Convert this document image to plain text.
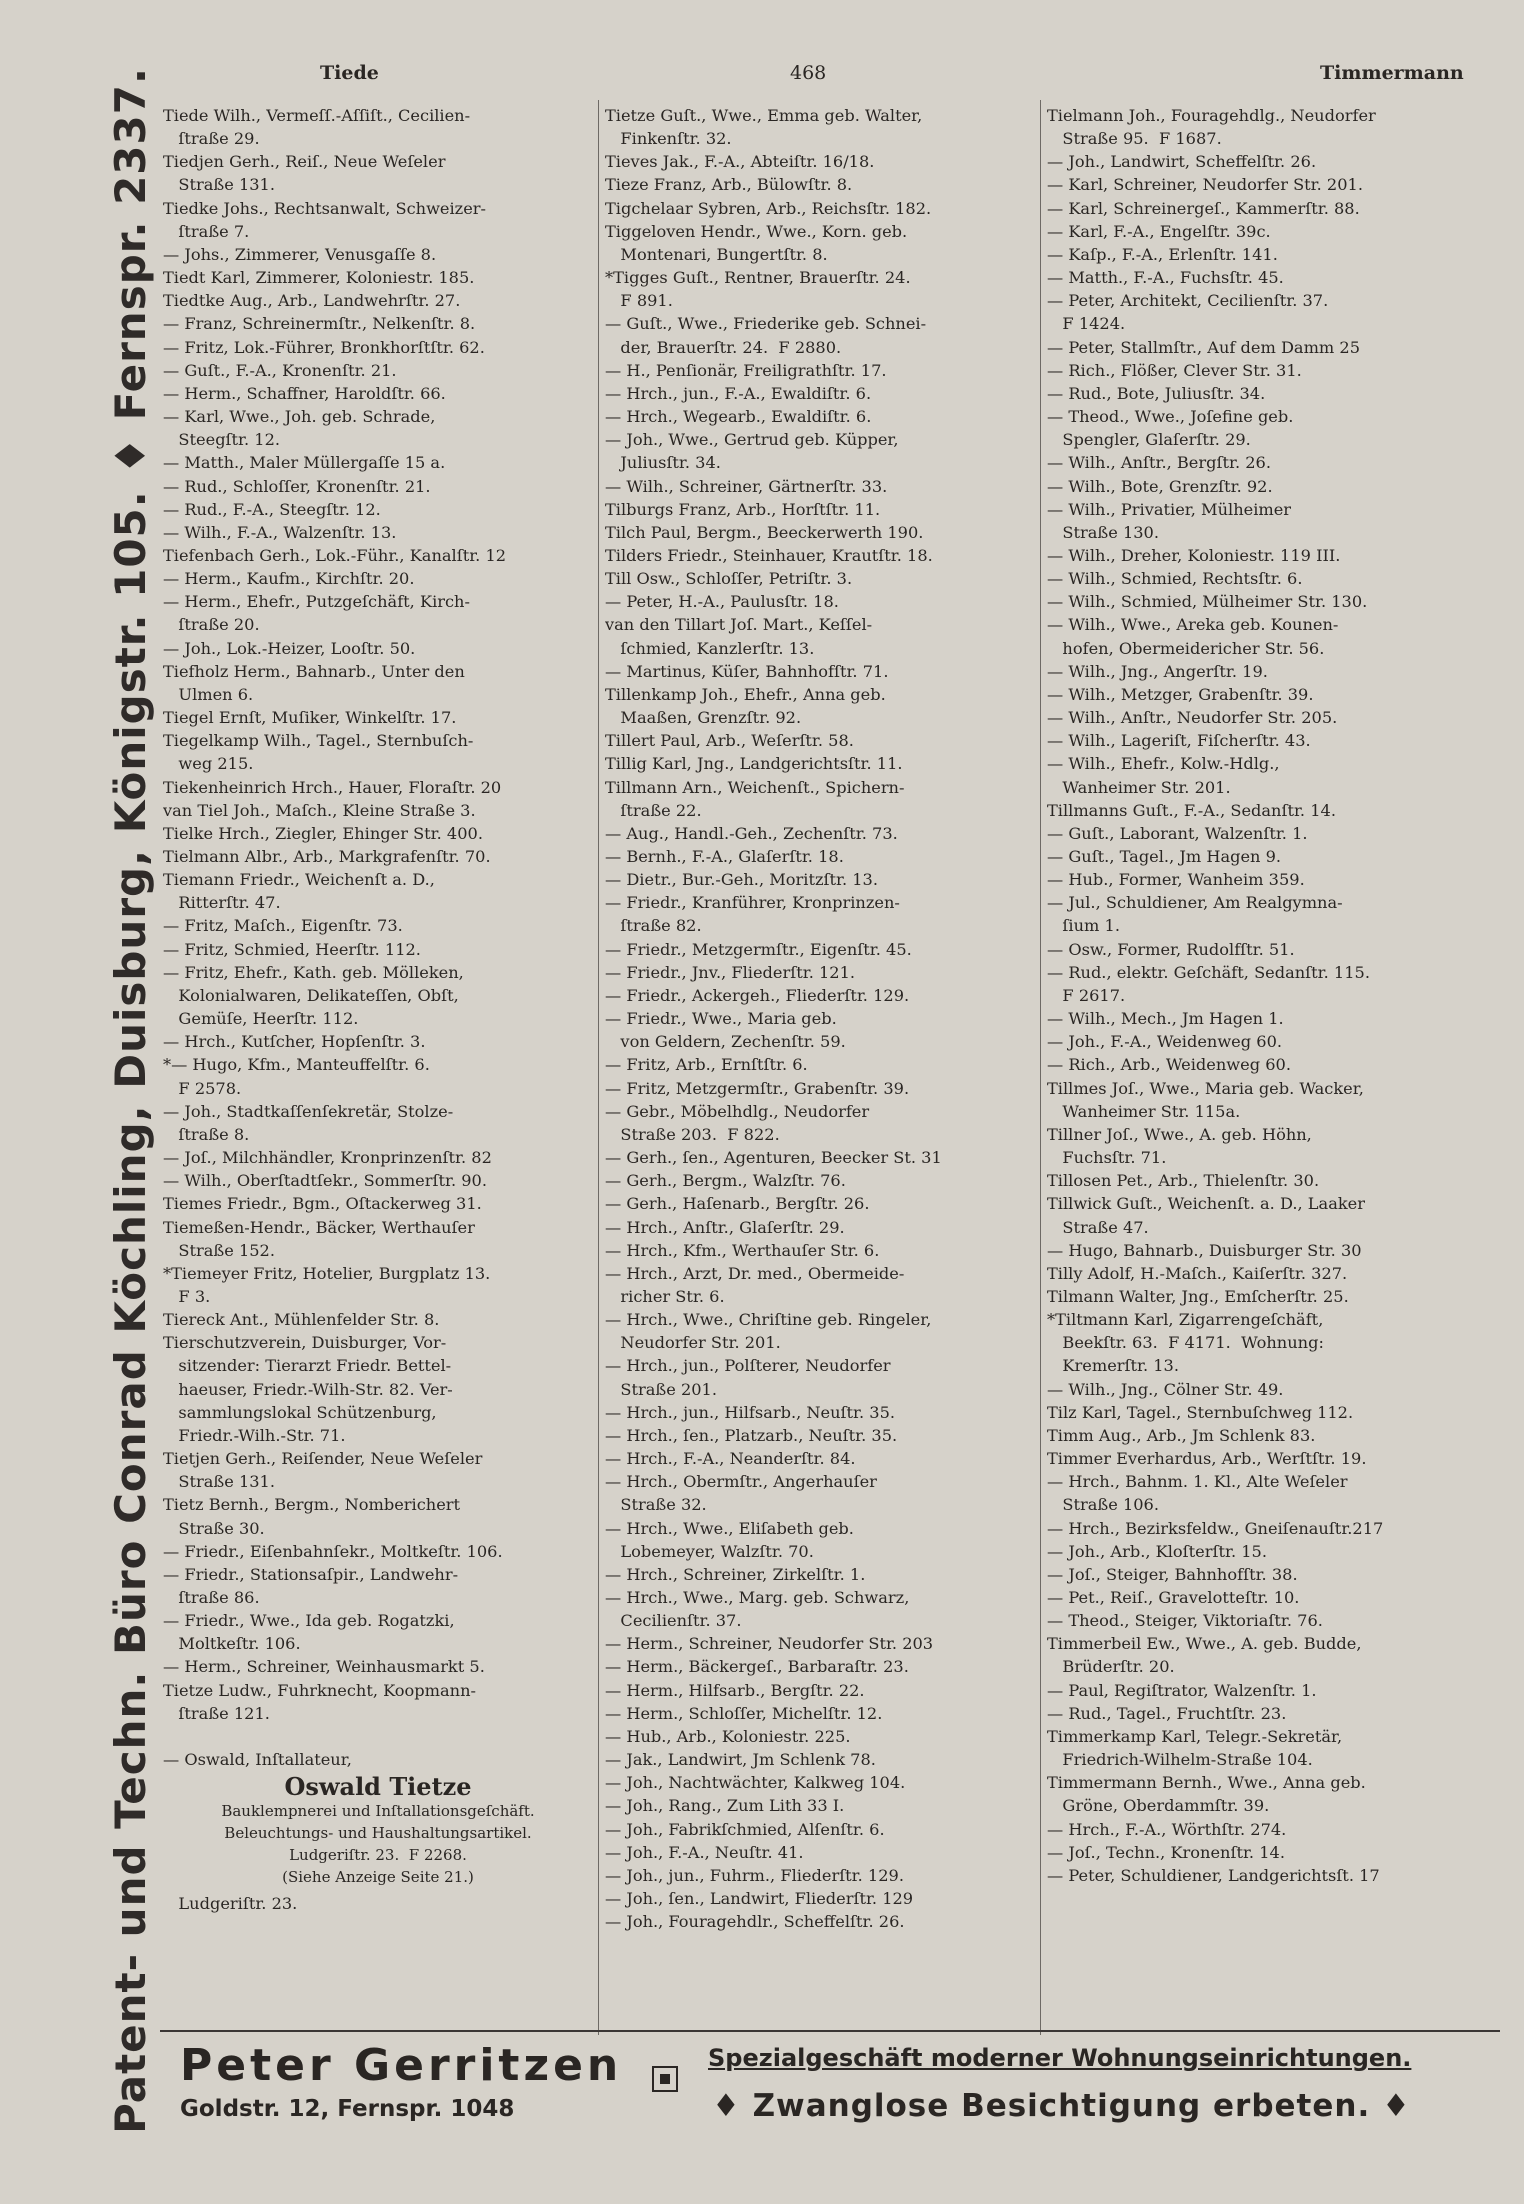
Patent- und Techn. Büro Conrad Köchling, Duisburg, Königstr. 105. ♦ Fernspr. 2337.	Tiede	468	Timmermann
Tiede Wilh., Vermeſſ.-Aſſiſt., Cecilien-
ſtraße 29.
Tiedjen Gerh., Reiſ., Neue Weſeler
Straße 131.
Tiedke Johs., Rechtsanwalt, Schweizer-
ſtraße 7.
— Johs., Zimmerer, Venusgaſſe 8.
Tiedt Karl, Zimmerer, Koloniestr. 185.
Tiedtke Aug., Arb., Landwehrſtr. 27.
— Franz, Schreinermſtr., Nelkenſtr. 8.
— Fritz, Lok.-Führer, Bronkhorſtſtr. 62.
— Guſt., F.-A., Kronenſtr. 21.
— Herm., Schaffner, Haroldſtr. 66.
— Karl, Wwe., Joh. geb. Schrade,
Steegſtr. 12.
— Matth., Maler Müllergaſſe 15 a.
— Rud., Schloſſer, Kronenſtr. 21.
— Rud., F.-A., Steegſtr. 12.
— Wilh., F.-A., Walzenſtr. 13.
Tiefenbach Gerh., Lok.-Führ., Kanalſtr. 12
— Herm., Kaufm., Kirchſtr. 20.
— Herm., Ehefr., Putzgeſchäft, Kirch-
ſtraße 20.
— Joh., Lok.-Heizer, Looſtr. 50.
Tiefholz Herm., Bahnarb., Unter den
Ulmen 6.
Tiegel Ernſt, Muſiker, Winkelſtr. 17.
Tiegelkamp Wilh., Tagel., Sternbuſch-
weg 215.
Tiekenheinrich Hrch., Hauer, Floraſtr. 20
van Tiel Joh., Maſch., Kleine Straße 3.
Tielke Hrch., Ziegler, Ehinger Str. 400.
Tielmann Albr., Arb., Markgrafenſtr. 70.
Tiemann Friedr., Weichenſt a. D.,
Ritterſtr. 47.
— Fritz, Maſch., Eigenſtr. 73.
— Fritz, Schmied, Heerſtr. 112.
— Fritz, Ehefr., Kath. geb. Mölleken,
Kolonialwaren, Delikateſſen, Obſt,
Gemüſe, Heerſtr. 112.
— Hrch., Kutſcher, Hopſenſtr. 3.
*— Hugo, Kfm., Manteuffelſtr. 6.
F 2578.
— Joh., Stadtkaſſenſekretär, Stolze-
ſtraße 8.
— Joſ., Milchhändler, Kronprinzenſtr. 82
— Wilh., Oberſtadtſekr., Sommerſtr. 90.
Tiemes Friedr., Bgm., Oſtackerweg 31.
Tiemeßen-Hendr., Bäcker, Werthauſer
Straße 152.
*Tiemeyer Fritz, Hotelier, Burgplatz 13.
F 3.
Tiereck Ant., Mühlenfelder Str. 8.
Tierschutzverein, Duisburger, Vor-
sitzender: Tierarzt Friedr. Bettel-
haeuser, Friedr.-Wilh-Str. 82. Ver-
sammlungslokal Schützenburg,
Friedr.-Wilh.-Str. 71.
Tietjen Gerh., Reiſender, Neue Weſeler
Straße 131.
Tietz Bernh., Bergm., Nomberichert
Straße 30.
— Friedr., Eiſenbahnſekr., Moltkeſtr. 106.
— Friedr., Stationsaſpir., Landwehr-
ſtraße 86.
— Friedr., Wwe., Ida geb. Rogatzki,
Moltkeſtr. 106.
— Herm., Schreiner, Weinhausmarkt 5.
Tietze Ludw., Fuhrknecht, Koopmann-
ſtraße 121.

— Oswald, Inſtallateur,
Oswald Tietze
Bauklempnerei und Inſtallationsgeſchäft.
Beleuchtungs- und Haushaltungsartikel.
Ludgeriſtr. 23.  F 2268.
(Siehe Anzeige Seite 21.)
Ludgeriſtr. 23.
Tietze Guſt., Wwe., Emma geb. Walter,
Finkenſtr. 32.
Tieves Jak., F.-A., Abteiſtr. 16/18.
Tieze Franz, Arb., Bülowſtr. 8.
Tigchelaar Sybren, Arb., Reichsſtr. 182.
Tiggeloven Hendr., Wwe., Korn. geb.
Montenari, Bungertſtr. 8.
*Tigges Guſt., Rentner, Brauerſtr. 24.
F 891.
— Guſt., Wwe., Friederike geb. Schnei-
der, Brauerſtr. 24.  F 2880.
— H., Penſionär, Freiligrathſtr. 17.
— Hrch., jun., F.-A., Ewaldiſtr. 6.
— Hrch., Wegearb., Ewaldiſtr. 6.
— Joh., Wwe., Gertrud geb. Küpper,
Juliusſtr. 34.
— Wilh., Schreiner, Gärtnerſtr. 33.
Tilburgs Franz, Arb., Horſtſtr. 11.
Tilch Paul, Bergm., Beeckerwerth 190.
Tilders Friedr., Steinhauer, Krautſtr. 18.
Till Osw., Schloſſer, Petriſtr. 3.
— Peter, H.-A., Paulusſtr. 18.
van den Tillart Joſ. Mart., Keſſel-
ſchmied, Kanzlerſtr. 13.
— Martinus, Küſer, Bahnhofſtr. 71.
Tillenkamp Joh., Ehefr., Anna geb.
Maaßen, Grenzſtr. 92.
Tillert Paul, Arb., Weſerſtr. 58.
Tillig Karl, Jng., Landgerichtsſtr. 11.
Tillmann Arn., Weichenſt., Spichern-
ſtraße 22.
— Aug., Handl.-Geh., Zechenſtr. 73.
— Bernh., F.-A., Glaſerſtr. 18.
— Dietr., Bur.-Geh., Moritzſtr. 13.
— Friedr., Kranführer, Kronprinzen-
ſtraße 82.
— Friedr., Metzgermſtr., Eigenſtr. 45.
— Friedr., Jnv., Fliederſtr. 121.
— Friedr., Ackergeh., Fliederſtr. 129.
— Friedr., Wwe., Maria geb.
von Geldern, Zechenſtr. 59.
— Fritz, Arb., Ernſtſtr. 6.
— Fritz, Metzgermſtr., Grabenſtr. 39.
— Gebr., Möbelhdlg., Neudorfer
Straße 203.  F 822.
— Gerh., ſen., Agenturen, Beecker St. 31
— Gerh., Bergm., Walzſtr. 76.
— Gerh., Haſenarb., Bergſtr. 26.
— Hrch., Anſtr., Glaſerſtr. 29.
— Hrch., Kfm., Werthauſer Str. 6.
— Hrch., Arzt, Dr. med., Obermeide-
richer Str. 6.
— Hrch., Wwe., Chriſtine geb. Ringeler,
Neudorfer Str. 201.
— Hrch., jun., Polſterer, Neudorfer
Straße 201.
— Hrch., jun., Hilfsarb., Neuſtr. 35.
— Hrch., ſen., Platzarb., Neuſtr. 35.
— Hrch., F.-A., Neanderſtr. 84.
— Hrch., Obermſtr., Angerhauſer
Straße 32.
— Hrch., Wwe., Eliſabeth geb.
Lobemeyer, Walzſtr. 70.
— Hrch., Schreiner, Zirkelſtr. 1.
— Hrch., Wwe., Marg. geb. Schwarz,
Cecilienſtr. 37.
— Herm., Schreiner, Neudorfer Str. 203
— Herm., Bäckergeſ., Barbaraſtr. 23.
— Herm., Hilfsarb., Bergſtr. 22.
— Herm., Schloſſer, Michelſtr. 12.
— Hub., Arb., Koloniestr. 225.
— Jak., Landwirt, Jm Schlenk 78.
— Joh., Nachtwächter, Kalkweg 104.
— Joh., Rang., Zum Lith 33 I.
— Joh., Fabrikſchmied, Alſenſtr. 6.
— Joh., F.-A., Neuſtr. 41.
— Joh., jun., Fuhrm., Fliederſtr. 129.
— Joh., ſen., Landwirt, Fliederſtr. 129
— Joh., Fouragehdlr., Scheffelſtr. 26.
Tielmann Joh., Fouragehdlg., Neudorfer
Straße 95.  F 1687.
— Joh., Landwirt, Scheffelſtr. 26.
— Karl, Schreiner, Neudorfer Str. 201.
— Karl, Schreinergeſ., Kammerſtr. 88.
— Karl, F.-A., Engelſtr. 39c.
— Kaſp., F.-A., Erlenſtr. 141.
— Matth., F.-A., Fuchsſtr. 45.
— Peter, Architekt, Cecilienſtr. 37.
F 1424.
— Peter, Stallmſtr., Auf dem Damm 25
— Rich., Flößer, Clever Str. 31.
— Rud., Bote, Juliusſtr. 34.
— Theod., Wwe., Joſefine geb.
Spengler, Glaſerſtr. 29.
— Wilh., Anſtr., Bergſtr. 26.
— Wilh., Bote, Grenzſtr. 92.
— Wilh., Privatier, Mülheimer
Straße 130.
— Wilh., Dreher, Koloniestr. 119 III.
— Wilh., Schmied, Rechtsſtr. 6.
— Wilh., Schmied, Mülheimer Str. 130.
— Wilh., Wwe., Areka geb. Kounen-
hofen, Obermeidericher Str. 56.
— Wilh., Jng., Angerſtr. 19.
— Wilh., Metzger, Grabenſtr. 39.
— Wilh., Anſtr., Neudorfer Str. 205.
— Wilh., Lageriſt, Fiſcherſtr. 43.
— Wilh., Ehefr., Kolw.-Hdlg.,
Wanheimer Str. 201.
Tillmanns Guſt., F.-A., Sedanſtr. 14.
— Guſt., Laborant, Walzenſtr. 1.
— Guſt., Tagel., Jm Hagen 9.
— Hub., Former, Wanheim 359.
— Jul., Schuldiener, Am Realgymna-
ſium 1.
— Osw., Former, Rudolfſtr. 51.
— Rud., elektr. Geſchäft, Sedanſtr. 115.
F 2617.
— Wilh., Mech., Jm Hagen 1.
— Joh., F.-A., Weidenweg 60.
— Rich., Arb., Weidenweg 60.
Tillmes Joſ., Wwe., Maria geb. Wacker,
Wanheimer Str. 115a.
Tillner Joſ., Wwe., A. geb. Höhn,
Fuchsſtr. 71.
Tillosen Pet., Arb., Thielenſtr. 30.
Tillwick Guſt., Weichenſt. a. D., Laaker
Straße 47.
— Hugo, Bahnarb., Duisburger Str. 30
Tilly Adolf, H.-Maſch., Kaiſerſtr. 327.
Tilmann Walter, Jng., Emſcherſtr. 25.
*Tiltmann Karl, Zigarrengeſchäft,
Beekſtr. 63.  F 4171.  Wohnung:
Kremerſtr. 13.
— Wilh., Jng., Cölner Str. 49.
Tilz Karl, Tagel., Sternbuſchweg 112.
Timm Aug., Arb., Jm Schlenk 83.
Timmer Everhardus, Arb., Werſtſtr. 19.
— Hrch., Bahnm. 1. Kl., Alte Weſeler
Straße 106.
— Hrch., Bezirksfeldw., Gneiſenauſtr.217
— Joh., Arb., Kloſterſtr. 15.
— Joſ., Steiger, Bahnhofſtr. 38.
— Pet., Reiſ., Gravelotteſtr. 10.
— Theod., Steiger, Viktoriaſtr. 76.
Timmerbeil Ew., Wwe., A. geb. Budde,
Brüderſtr. 20.
— Paul, Regiſtrator, Walzenſtr. 1.
— Rud., Tagel., Fruchtſtr. 23.
Timmerkamp Karl, Telegr.-Sekretär,
Friedrich-Wilhelm-Straße 104.
Timmermann Bernh., Wwe., Anna geb.
Gröne, Oberdammſtr. 39.
— Hrch., F.-A., Wörthſtr. 274.
— Joſ., Techn., Kronenſtr. 14.
— Peter, Schuldiener, Landgerichtsſt. 17
Peter Gerritzen
Goldstr. 12, Fernspr. 1048
Spezialgeschäft moderner Wohnungseinrichtungen.
♦ Zwanglose Besichtigung erbeten. ♦
